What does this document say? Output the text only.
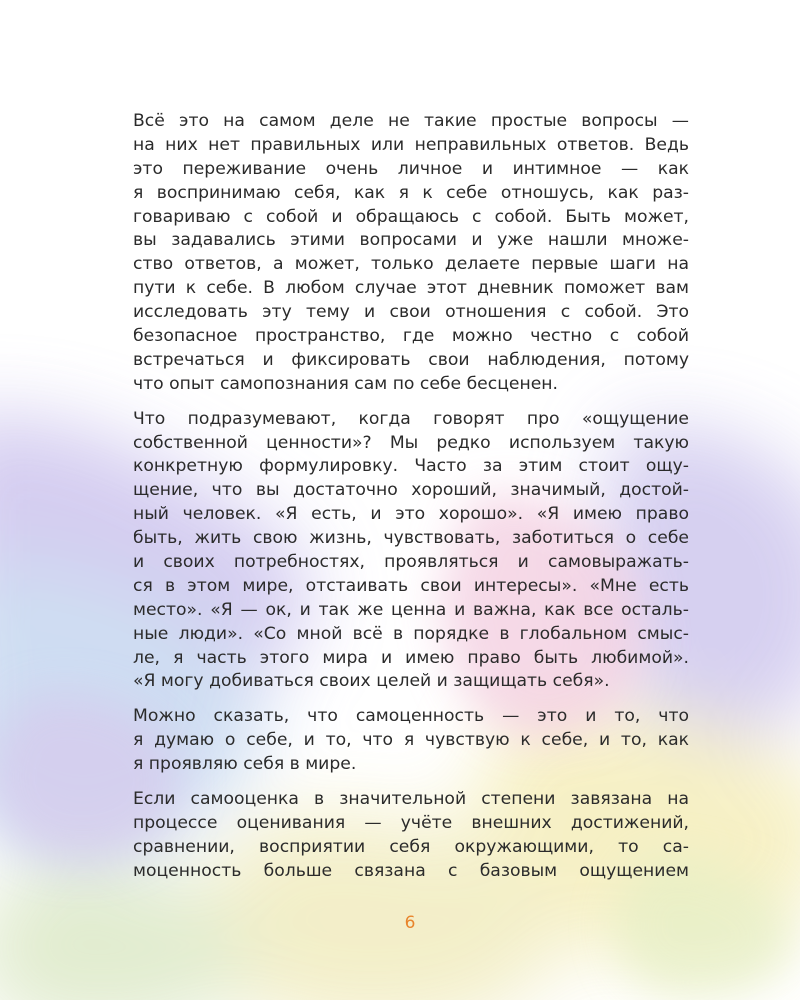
Всё это на самом деле не такие простые вопросы —
на них нет правильных или неправильных ответов. Ведь
это переживание очень личное и интимное — как
я воспринимаю себя, как я к себе отношусь, как раз-
говариваю с собой и обращаюсь с собой. Быть может,
вы задавались этими вопросами и уже нашли множе-
ство ответов, а может, только делаете первые шаги на
пути к себе. В любом случае этот дневник поможет вам
исследовать эту тему и свои отношения с собой. Это
безопасное пространство, где можно честно с собой
встречаться и фиксировать свои наблюдения, потому
что опыт самопознания сам по себе бесценен.

Что подразумевают, когда говорят про «ощущение
собственной ценности»? Мы редко используем такую
конкретную формулировку. Часто за этим стоит ощу-
щение, что вы достаточно хороший, значимый, достой-
ный человек. «Я есть, и это хорошо». «Я имею право
быть, жить свою жизнь, чувствовать, заботиться о себе
и своих потребностях, проявляться и самовыражать-
ся в этом мире, отстаивать свои интересы». «Мне есть
место». «Я — ок, и так же ценна и важна, как все осталь-
ные люди». «Со мной всё в порядке в глобальном смыс-
ле, я часть этого мира и имею право быть любимой».
«Я могу добиваться своих целей и защищать себя».

Можно сказать, что самоценность — это и то, что
я думаю о себе, и то, что я чувствую к себе, и то, как
я проявляю себя в мире.

Если самооценка в значительной степени завязана на
процессе оценивания — учёте внешних достижений,
сравнении, восприятии себя окружающими, то са-
моценность больше связана с базовым ощущением

6
